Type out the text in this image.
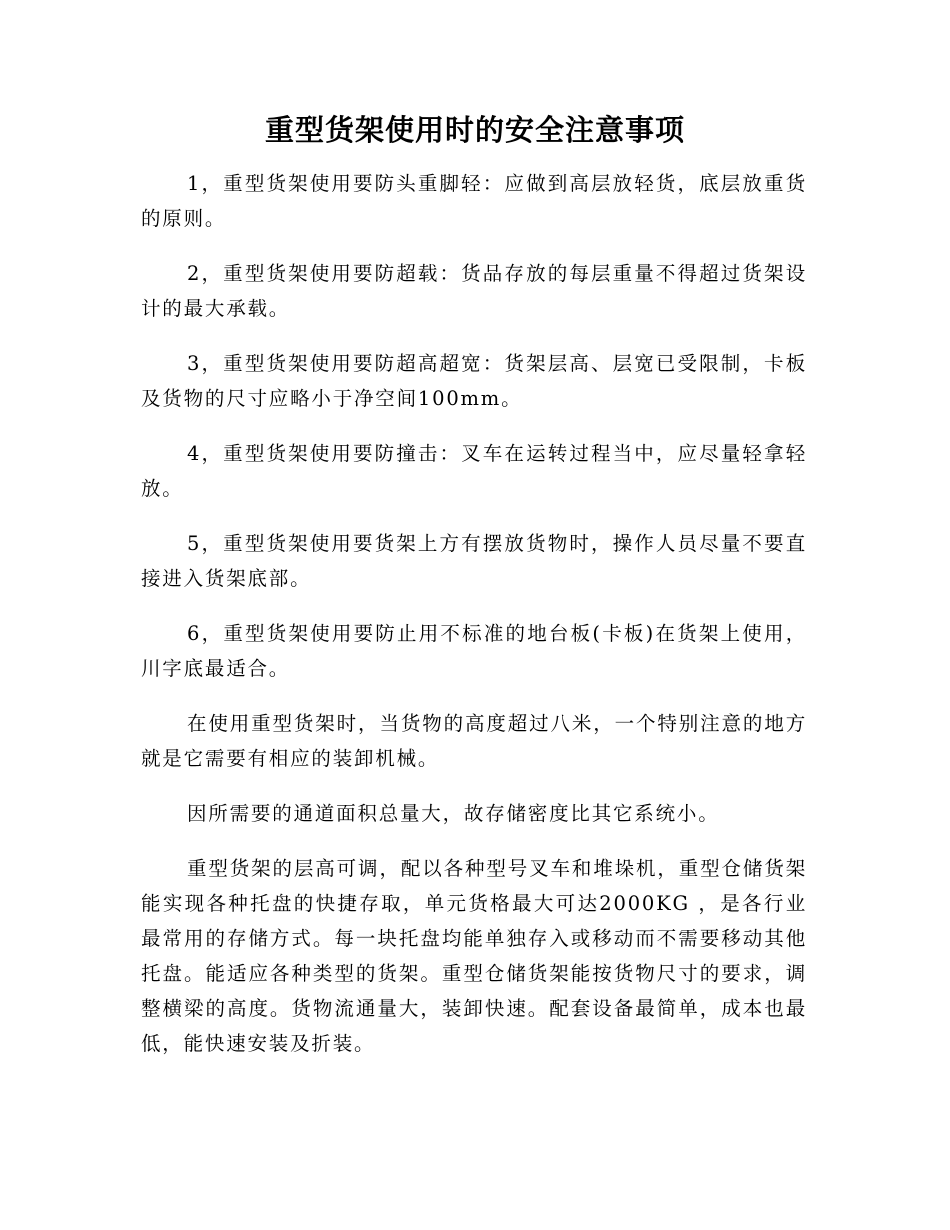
重型货架使用时的安全注意事项

1，重型货架使用要防头重脚轻：应做到高层放轻货，底层放重货的原则。

2，重型货架使用要防超载：货品存放的每层重量不得超过货架设计的最大承载。

3，重型货架使用要防超高超宽：货架层高、层宽已受限制，卡板及货物的尺寸应略小于净空间100mm。

4，重型货架使用要防撞击：叉车在运转过程当中，应尽量轻拿轻放。

5，重型货架使用要货架上方有摆放货物时，操作人员尽量不要直接进入货架底部。

6，重型货架使用要防止用不标准的地台板(卡板)在货架上使用，川字底最适合。

在使用重型货架时，当货物的高度超过八米，一个特别注意的地方就是它需要有相应的装卸机械。

因所需要的通道面积总量大，故存储密度比其它系统小。

重型货架的层高可调，配以各种型号叉车和堆垛机，重型仓储货架能实现各种托盘的快捷存取，单元货格最大可达2000KG ，是各行业最常用的存储方式。每一块托盘均能单独存入或移动而不需要移动其他托盘。能适应各种类型的货架。重型仓储货架能按货物尺寸的要求，调整横梁的高度。货物流通量大，装卸快速。配套设备最简单，成本也最低，能快速安装及折装。
